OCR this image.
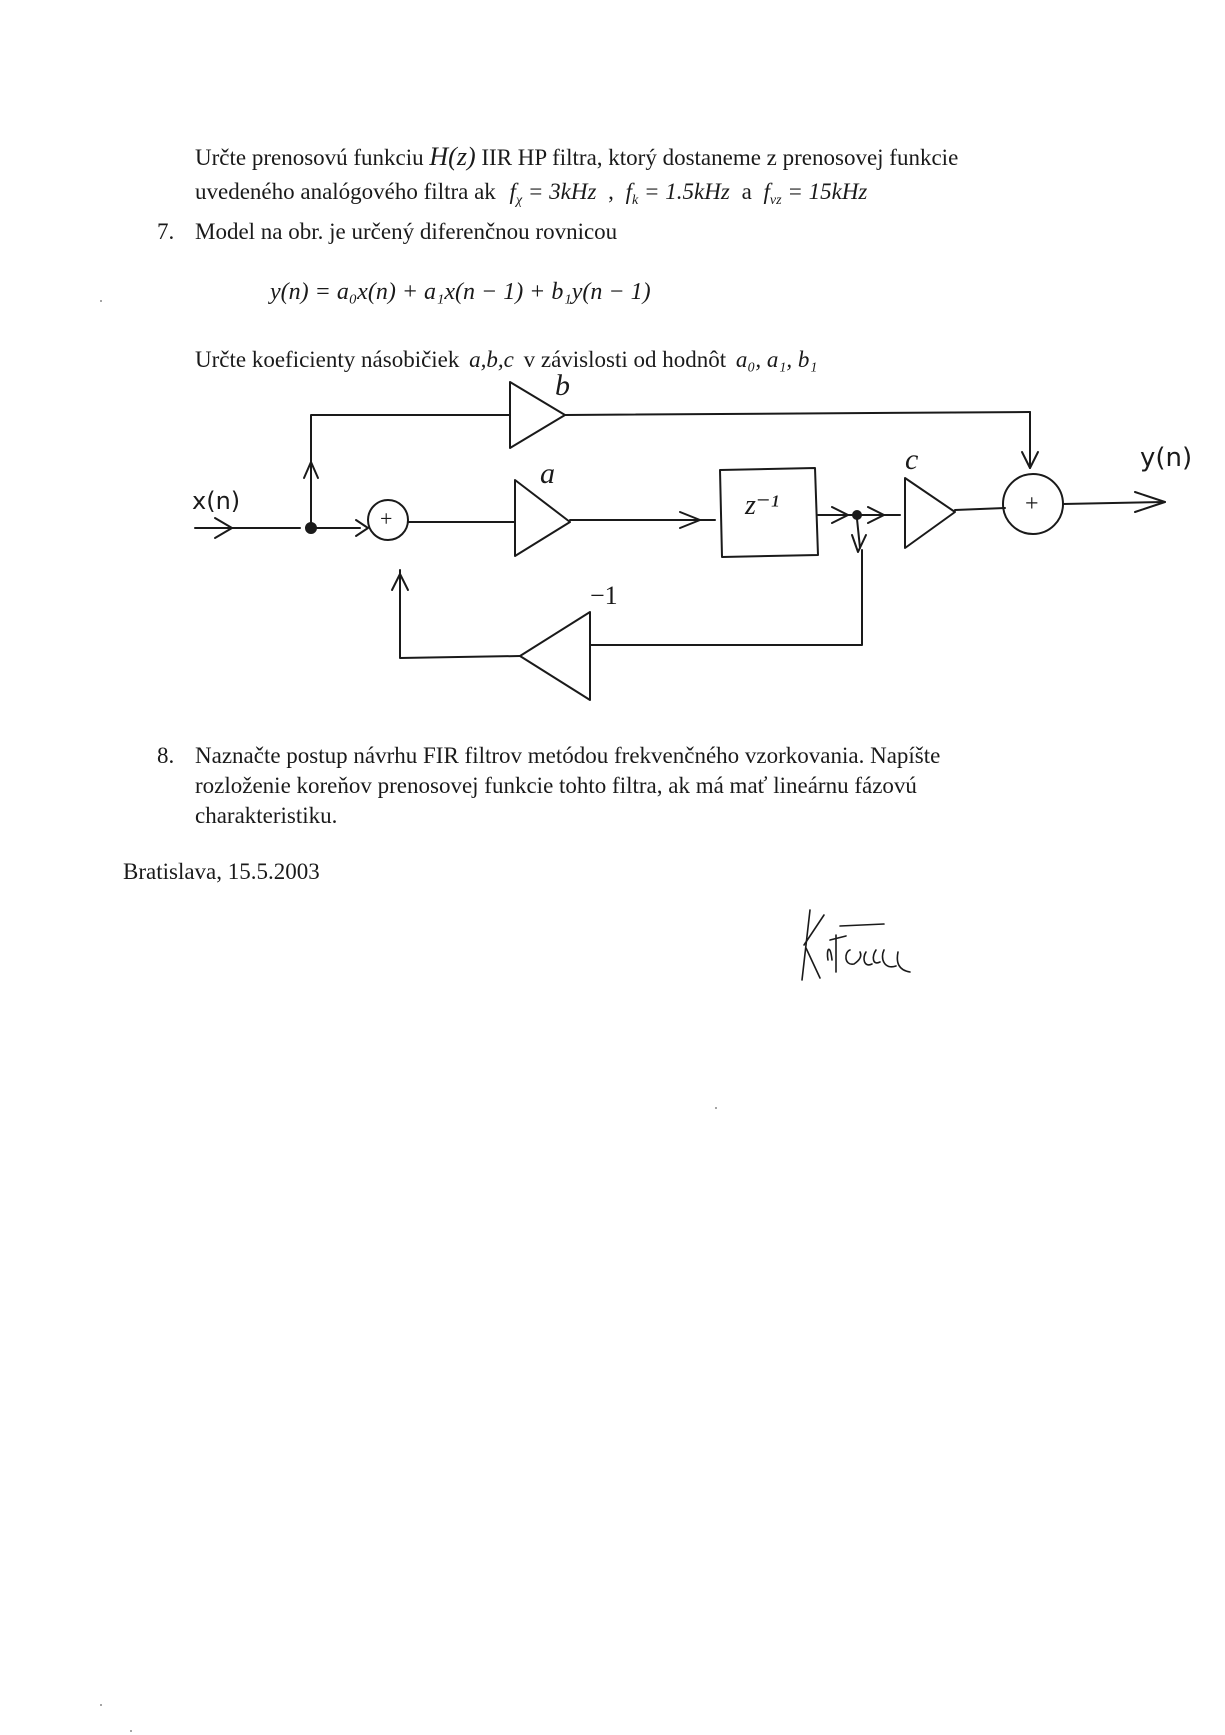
Určte prenosovú funkciu H(z) IIR HP filtra, ktorý dostaneme z prenosovej funkcie
uvedeného analógového filtra ak $f_\chi = 3kHz$ , $f_k = 1.5kHz$ a $f_{vz} = 15kHz$
7. Model na obr. je určený diferenčnou rovnicou
y(n) = a₀x(n) + a₁x(n − 1) + b₁y(n − 1)
Určte koeficienty násobičiek a,b,c v závislosti od hodnôt a₀, a₁, b₁
x(n)
y(n)
b
a	c
−1
z⁻¹
+
+
8. Naznačte postup návrhu FIR filtrov metódou frekvenčného vzorkovania. Napíšte
rozloženie koreňov prenosovej funkcie tohto filtra, ak má mať lineárnu fázovú
charakteristiku.
Bratislava, 15.5.2003
